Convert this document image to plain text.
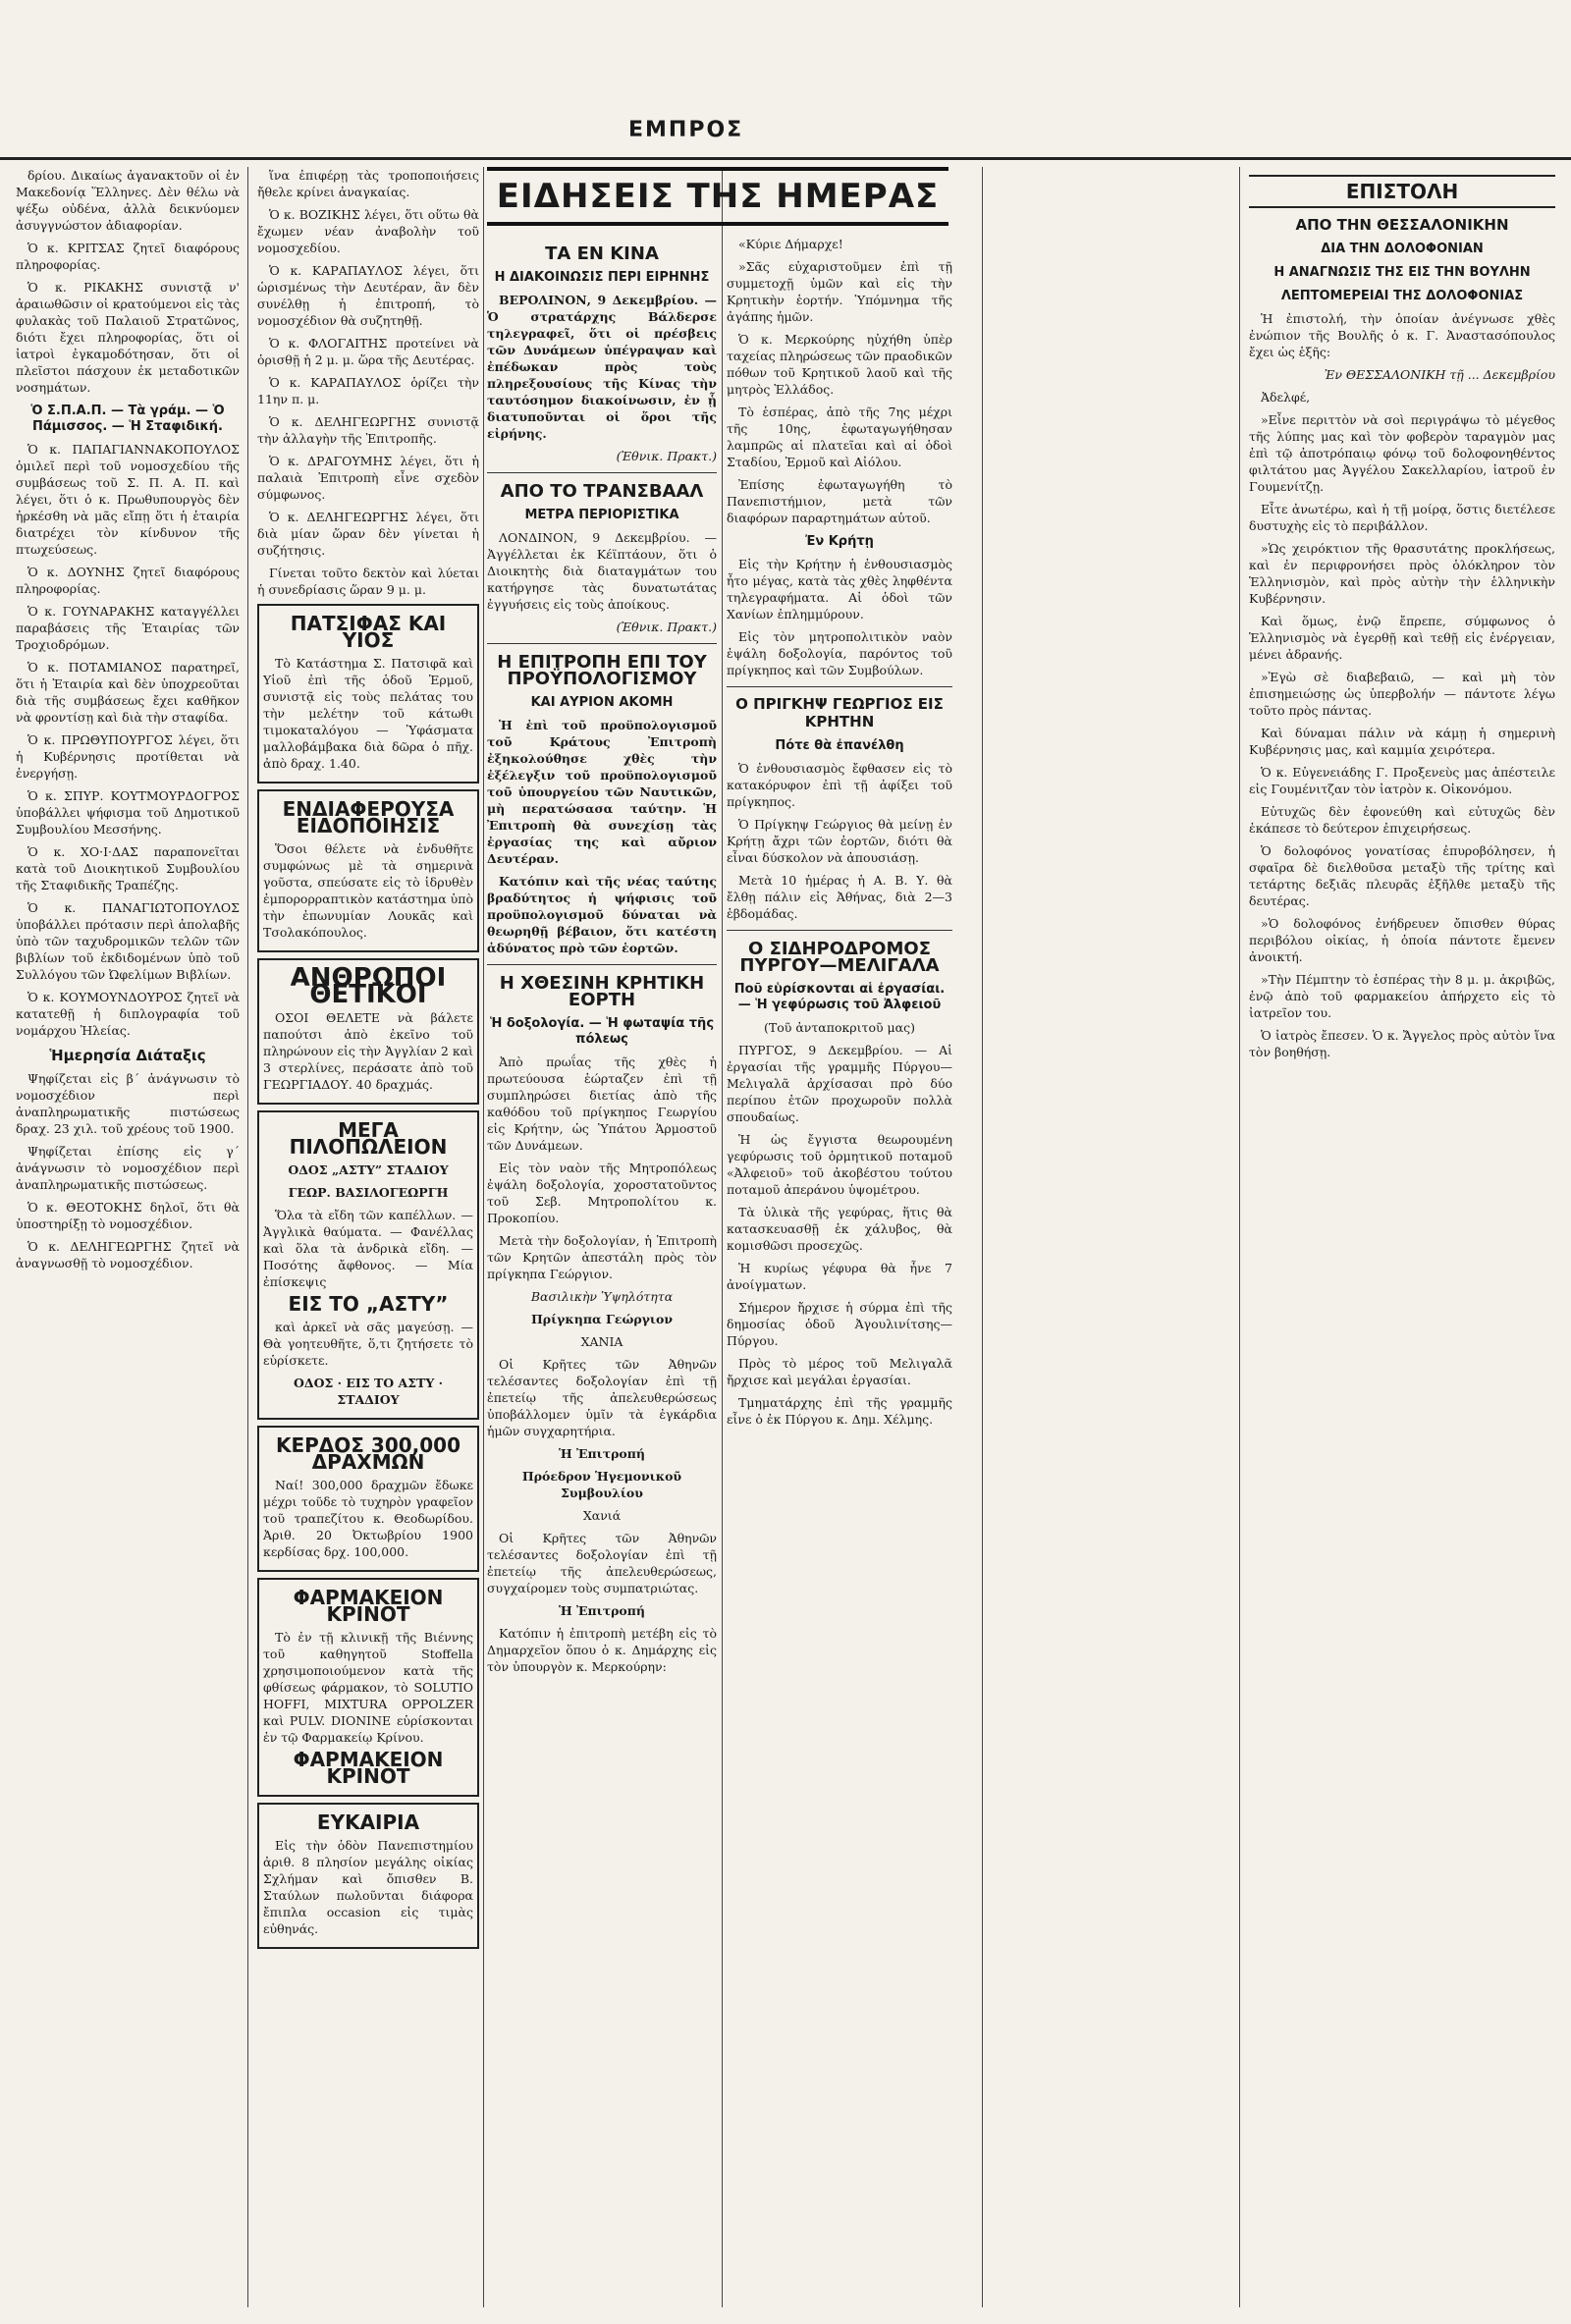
ΕΜΠΡΟΣ

δρίου. Δικαίως ἀγανακτοῦν οἱ ἐν Μακεδονίᾳ Ἕλληνες. Δὲν θέλω νὰ ψέξω οὐδένα, ἀλλὰ δεικνύομεν ἀσυγγνώστον ἀδιαφορίαν.

Ὁ κ. ΚΡΙΤΣΑΣ ζητεῖ διαφόρους πληροφορίας.

Ὁ κ. ΡΙΚΑΚΗΣ συνιστᾷ ν' ἀραιωθῶσιν οἱ κρατούμενοι εἰς τὰς φυλακὰς τοῦ Παλαιοῦ Στρατῶνος, διότι ἔχει πληροφορίας, ὅτι οἱ ἰατροὶ ἐγκαμοδότησαν, ὅτι οἱ πλεῖστοι πάσχουν ἐκ μεταδοτικῶν νοσημάτων.

Ὁ Σ.Π.Α.Π. — Τὰ γράμ. — Ὁ Πάμισσος. — Ἡ Σταφιδική.

Ὁ κ. ΠΑΠΑΓΙΑΝΝΑΚΟΠΟΥΛΟΣ ὁμιλεῖ περὶ τοῦ νομοσχεδίου τῆς συμβάσεως τοῦ Σ. Π. Α. Π. καὶ λέγει, ὅτι ὁ κ. Πρωθυπουργὸς δὲν ἠρκέσθη νὰ μᾶς εἴπῃ ὅτι ἡ ἑταιρία διατρέχει τὸν κίνδυνον τῆς πτωχεύσεως.

Ὁ κ. ΔΟΥΝΗΣ ζητεῖ διαφόρους πληροφορίας.

Ὁ κ. ΓΟΥΝΑΡΑΚΗΣ καταγγέλλει παραβάσεις τῆς Ἑταιρίας τῶν Τροχιοδρόμων.

Ὁ κ. ΠΟΤΑΜΙΑΝΟΣ παρατηρεῖ, ὅτι ἡ Ἑταιρία καὶ δὲν ὑποχρεοῦται διὰ τῆς συμβάσεως ἔχει καθῆκον νὰ φροντίσῃ καὶ διὰ τὴν σταφίδα.

Ὁ κ. ΠΡΩΘΥΠΟΥΡΓΟΣ λέγει, ὅτι ἡ Κυβέρνησις προτίθεται νὰ ἐνεργήσῃ.

Ὁ κ. ΣΠΥΡ. ΚΟΥΤΜΟΥΡΔΟΓΡΟΣ ὑποβάλλει ψήφισμα τοῦ Δημοτικοῦ Συμβουλίου Μεσσήνης.

Ὁ κ. ΧΟ·Ι·ΔΑΣ παραπονεῖται κατὰ τοῦ Διοικητικοῦ Συμβουλίου τῆς Σταφιδικῆς Τραπέζης.

Ὁ κ. ΠΑΝΑΓΙΩΤΟΠΟΥΛΟΣ ὑποβάλλει πρότασιν περὶ ἀπολαβῆς ὑπὸ τῶν ταχυδρομικῶν τελῶν τῶν βιβλίων τοῦ ἐκδιδομένων ὑπὸ τοῦ Συλλόγου τῶν Ὠφελίμων Βιβλίων.

Ὁ κ. ΚΟΥΜΟΥΝΔΟΥΡΟΣ ζητεῖ νὰ κατατεθῇ ἡ διπλογραφία τοῦ νομάρχου Ἠλείας.

Ἡμερησία Διάταξις

Ψηφίζεται εἰς β΄ ἀνάγνωσιν τὸ νομοσχέδιον περὶ ἀναπληρωματικῆς πιστώσεως δραχ. 23 χιλ. τοῦ χρέους τοῦ 1900.

Ψηφίζεται ἐπίσης εἰς γ΄ ἀνάγνωσιν τὸ νομοσχέδιον περὶ ἀναπληρωματικῆς πιστώσεως.

Ὁ κ. ΘΕΟΤΟΚΗΣ δηλοῖ, ὅτι θὰ ὑποστηρίξῃ τὸ νομοσχέδιον.

Ὁ κ. ΔΕΛΗΓΕΩΡΓΗΣ ζητεῖ νὰ ἀναγνωσθῇ τὸ νομοσχέδιον.

ἵνα ἐπιφέρῃ τὰς τροποποιήσεις ἤθελε κρίνει ἀναγκαίας.

Ὁ κ. ΒΟΖΙΚΗΣ λέγει, ὅτι οὕτω θὰ ἔχωμεν νέαν ἀναβολὴν τοῦ νομοσχεδίου.

Ὁ κ. ΚΑΡΑΠΑΥΛΟΣ λέγει, ὅτι ὡρισμένως τὴν Δευτέραν, ἂν δὲν συνέλθῃ ἡ ἐπιτροπή, τὸ νομοσχέδιον θὰ συζητηθῇ.

Ὁ κ. ΦΛΟΓΑΙΤΗΣ προτείνει νὰ ὁρισθῇ ἡ 2 μ. μ. ὥρα τῆς Δευτέρας.

Ὁ κ. ΚΑΡΑΠΑΥΛΟΣ ὁρίζει τὴν 11ην π. μ.

Ὁ κ. ΔΕΛΗΓΕΩΡΓΗΣ συνιστᾷ τὴν ἀλλαγὴν τῆς Ἐπιτροπῆς.

Ὁ κ. ΔΡΑΓΟΥΜΗΣ λέγει, ὅτι ἡ παλαιὰ Ἐπιτροπὴ εἶνε σχεδὸν σύμφωνος.

Ὁ κ. ΔΕΛΗΓΕΩΡΓΗΣ λέγει, ὅτι διὰ μίαν ὥραν δὲν γίνεται ἡ συζήτησις.

Γίνεται τοῦτο δεκτὸν καὶ λύεται ἡ συνεδρίασις ὥραν 9 μ. μ.

ΠΑΤΣΙΦΑΣ ΚΑΙ ΥΙΟΣ

Τὸ Κατάστημα Σ. Πατσιφᾶ καὶ Υἱοῦ ἐπὶ τῆς ὁδοῦ Ἑρμοῦ, συνιστᾷ εἰς τοὺς πελάτας του τὴν μελέτην τοῦ κάτωθι τιμοκαταλόγου — Ὑφάσματα μαλλοβάμβακα διὰ δῶρα ὁ πῆχ. ἀπὸ δραχ. 1.40.

ΕΝΔΙΑΦΕΡΟΥΣΑ ΕΙΔΟΠΟΙΗΣΙΣ

Ὅσοι θέλετε νὰ ἐνδυθῆτε συμφώνως μὲ τὰ σημερινὰ γοῦστα, σπεύσατε εἰς τὸ ἱδρυθὲν ἐμπορορραπτικὸν κατάστημα ὑπὸ τὴν ἐπωνυμίαν Λουκᾶς καὶ Τσολακόπουλος.

ΑΝΘΡΩΠΟΙ ΘΕΤΙΚΟΙ

ΟΣΟΙ ΘΕΛΕΤΕ νὰ βάλετε παπούτσι ἀπὸ ἐκεῖνο τοῦ πληρώνουν εἰς τὴν Ἀγγλίαν 2 καὶ 3 στερλίνες, περάσατε ἀπὸ τοῦ ΓΕΩΡΓΙΑΔΟΥ. 40 δραχμάς.

ΜΕΓΑ ΠΙΛΟΠΩΛΕΙΟΝ

ΟΔΟΣ „ΑΣΤΥ” ΣΤΑΔΙΟΥ

ΓΕΩΡ. ΒΑΣΙΛΟΓΕΩΡΓΗ

Ὅλα τὰ εἴδη τῶν καπέλλων. — Ἀγγλικὰ θαύματα. — Φανέλλας καὶ ὅλα τὰ ἀνδρικὰ εἴδη. — Ποσότης ἄφθονος. — Μία ἐπίσκεψις

ΕΙΣ ΤΟ „ΑΣΤΥ”

καὶ ἀρκεῖ νὰ σᾶς μαγεύσῃ. — Θὰ γοητευθῆτε, ὅ,τι ζητήσετε τὸ εὑρίσκετε.

ΟΔΟΣ · ΕΙΣ ΤΟ ΑΣΤΥ · ΣΤΑΔΙΟΥ

ΚΕΡΔΟΣ 300,000 ΔΡΑΧΜΩΝ

Ναί! 300,000 δραχμῶν ἔδωκε μέχρι τοῦδε τὸ τυχηρὸν γραφεῖον τοῦ τραπεζίτου κ. Θεοδωρίδου. Ἀριθ. 20 Ὀκτωβρίου 1900 κερδίσας δρχ. 100,000.

ΦΑΡΜΑΚΕΙΟΝ ΚΡΙΝΟΤ

Τὸ ἐν τῇ κλινικῇ τῆς Βιέννης τοῦ καθηγητοῦ Stoffella χρησιμοποιούμενον κατὰ τῆς φθίσεως φάρμακον, τὸ SOLUTIO HOFFI, MIXTURA OPPOLZER καὶ PULV. DIONINE εὑρίσκονται ἐν τῷ Φαρμακείῳ Κρίνου.

ΦΑΡΜΑΚΕΙΟΝ ΚΡΙΝΟΤ

ΕΥΚΑΙΡΙΑ

Εἰς τὴν ὁδὸν Πανεπιστημίου ἀριθ. 8 πλησίον μεγάλης οἰκίας Σχλήμαν καὶ ὄπισθεν Β. Σταύλων πωλοῦνται διάφορα ἔπιπλα occasion εἰς τιμὰς εὐθηνάς.

ΕΙΔΗΣΕΙΣ ΤΗΣ ΗΜΕΡΑΣ

ΤΑ ΕΝ ΚΙΝΑ

Η ΔΙΑΚΟΙΝΩΣΙΣ ΠΕΡΙ ΕΙΡΗΝΗΣ

ΒΕΡΟΛΙΝΟΝ, 9 Δεκεμβρίου. — Ὁ στρατάρχης Βάλδερσε τηλεγραφεῖ, ὅτι οἱ πρέσβεις τῶν Δυνάμεων ὑπέγραψαν καὶ ἐπέδωκαν πρὸς τοὺς πληρεξουσίους τῆς Κίνας τὴν ταυτόσημον διακοίνωσιν, ἐν ᾗ διατυποῦνται οἱ ὅροι τῆς εἰρήνης.

(Ἐθνικ. Πρακτ.)

ΑΠΟ ΤΟ ΤΡΑΝΣΒΑΑΛ

ΜΕΤΡΑ ΠΕΡΙΟΡΙΣΤΙΚΑ

ΛΟΝΔΙΝΟΝ, 9 Δεκεμβρίου. — Ἀγγέλλεται ἐκ Κέϊπτάουν, ὅτι ὁ Διοικητὴς διὰ διαταγμάτων του κατήργησε τὰς δυνατωτάτας ἐγγυήσεις εἰς τοὺς ἀποίκους.

(Ἐθνικ. Πρακτ.)

Η ΕΠΙΤΡΟΠΗ ΕΠΙ ΤΟΥ ΠΡΟΫΠΟΛΟΓΙΣΜΟΥ

ΚΑΙ ΑΥΡΙΟΝ ΑΚΟΜΗ

Ἡ ἐπὶ τοῦ προϋπολογισμοῦ τοῦ Κράτους Ἐπιτροπὴ ἐξηκολούθησε χθὲς τὴν ἐξέλεγξιν τοῦ προϋπολογισμοῦ τοῦ ὑπουργείου τῶν Ναυτικῶν, μὴ περατώσασα ταύτην. Ἡ Ἐπιτροπὴ θὰ συνεχίσῃ τὰς ἐργασίας της καὶ αὔριον Δευτέραν.

Κατόπιν καὶ τῆς νέας ταύτης βραδύτητος ἡ ψήφισις τοῦ προϋπολογισμοῦ δύναται νὰ θεωρηθῇ βέβαιον, ὅτι κατέστη ἀδύνατος πρὸ τῶν ἑορτῶν.

Η ΧΘΕΣΙΝΗ ΚΡΗΤΙΚΗ ΕΟΡΤΗ

Ἡ δοξολογία. — Ἡ φωταψία τῆς πόλεως

Ἀπὸ πρωΐας τῆς χθὲς ἡ πρωτεύουσα ἑώρταζεν ἐπὶ τῇ συμπληρώσει διετίας ἀπὸ τῆς καθόδου τοῦ πρίγκηπος Γεωργίου εἰς Κρήτην, ὡς Ὑπάτου Ἁρμοστοῦ τῶν Δυνάμεων.

Εἰς τὸν ναὸν τῆς Μητροπόλεως ἐψάλη δοξολογία, χοροστατοῦντος τοῦ Σεβ. Μητροπολίτου κ. Προκοπίου.

Μετὰ τὴν δοξολογίαν, ἡ Ἐπιτροπὴ τῶν Κρητῶν ἀπεστάλη πρὸς τὸν πρίγκηπα Γεώργιον.

Βασιλικὴν Ὑψηλότητα

Πρίγκηπα Γεώργιον

ΧΑΝΙΑ

Οἱ Κρῆτες τῶν Ἀθηνῶν τελέσαντες δοξολογίαν ἐπὶ τῇ ἐπετείῳ τῆς ἀπελευθερώσεως ὑποβάλλομεν ὑμῖν τὰ ἐγκάρδια ἡμῶν συγχαρητήρια.

Ἡ Ἐπιτροπή

Πρόεδρον Ἡγεμονικοῦ Συμβουλίου

Χανιά

Οἱ Κρῆτες τῶν Ἀθηνῶν τελέσαντες δοξολογίαν ἐπὶ τῇ ἐπετείῳ τῆς ἀπελευθερώσεως, συγχαίρομεν τοὺς συμπατριώτας.

Ἡ Ἐπιτροπή

Κατόπιν ἡ ἐπιτροπὴ μετέβη εἰς τὸ Δημαρχεῖον ὅπου ὁ κ. Δημάρχης εἰς τὸν ὑπουργὸν κ. Μερκούρην:

«Κύριε Δήμαρχε!

»Σᾶς εὐχαριστοῦμεν ἐπὶ τῇ συμμετοχῇ ὑμῶν καὶ εἰς τὴν Κρητικὴν ἑορτήν. Ὑπόμνημα τῆς ἀγάπης ἡμῶν.

Ὁ κ. Μερκούρης ηὐχήθη ὑπὲρ ταχείας πληρώσεως τῶν πραοδικῶν πόθων τοῦ Κρητικοῦ λαοῦ καὶ τῆς μητρὸς Ἑλλάδος.

Τὸ ἑσπέρας, ἀπὸ τῆς 7ης μέχρι τῆς 10ης, ἐφωταγωγήθησαν λαμπρῶς αἱ πλατεῖαι καὶ αἱ ὁδοὶ Σταδίου, Ἑρμοῦ καὶ Αἰόλου.

Ἐπίσης ἐφωταγωγήθη τὸ Πανεπιστήμιον, μετὰ τῶν διαφόρων παραρτημάτων αὐτοῦ.

Ἐν Κρήτῃ

Εἰς τὴν Κρήτην ἡ ἐνθουσιασμὸς ἦτο μέγας, κατὰ τὰς χθὲς ληφθέντα τηλεγραφήματα. Αἱ ὁδοὶ τῶν Χανίων ἐπλημμύρουν.

Εἰς τὸν μητροπολιτικὸν ναὸν ἐψάλη δοξολογία, παρόντος τοῦ πρίγκηπος καὶ τῶν Συμβούλων.

Ο ΠΡΙΓΚΗΨ ΓΕΩΡΓΙΟΣ ΕΙΣ ΚΡΗΤΗΝ

Πότε θὰ ἐπανέλθη

Ὁ ἐνθουσιασμὸς ἔφθασεν εἰς τὸ κατακόρυφον ἐπὶ τῇ ἀφίξει τοῦ πρίγκηπος.

Ὁ Πρίγκηψ Γεώργιος θὰ μείνῃ ἐν Κρήτῃ ἄχρι τῶν ἐορτῶν, διότι θὰ εἶναι δύσκολον νὰ ἀπουσιάσῃ.

Μετὰ 10 ἡμέρας ἡ Α. Β. Υ. θὰ ἔλθῃ πάλιν εἰς Ἀθήνας, διὰ 2—3 ἑβδομάδας.

Ο ΣΙΔΗΡΟΔΡΟΜΟΣ ΠΥΡΓΟΥ—ΜΕΛΙΓΑΛΑ

Ποῦ εὑρίσκονται αἱ ἐργασίαι. — Ἡ γεφύρωσις τοῦ Ἀλφειοῦ

(Τοῦ ἀνταποκριτοῦ μας)

ΠΥΡΓΟΣ, 9 Δεκεμβρίου. — Αἱ ἐργασίαι τῆς γραμμῆς Πύργου—Μελιγαλᾶ ἀρχίσασαι πρὸ δύο περίπου ἐτῶν προχωροῦν πολλὰ σπουδαίως.

Ἡ ὡς ἔγγιστα θεωρουμένη γεφύρωσις τοῦ ὁρμητικοῦ ποταμοῦ «Ἀλφειοῦ» τοῦ ἀκοβέστου τούτου ποταμοῦ ἀπεράνου ὑψομέτρου.

Τὰ ὑλικὰ τῆς γεφύρας, ἥτις θὰ κατασκευασθῇ ἐκ χάλυβος, θὰ κομισθῶσι προσεχῶς.

Ἡ κυρίως γέφυρα θὰ ἦνε 7 ἀνοίγματων.

Σήμερον ἤρχισε ἡ σύρμα ἐπὶ τῆς δημοσίας ὁδοῦ Ἀγουλινίτσης—Πύργου.

Πρὸς τὸ μέρος τοῦ Μελιγαλᾶ ἤρχισε καὶ μεγάλαι ἐργασίαι.

Τμηματάρχης ἐπὶ τῆς γραμμῆς εἶνε ὁ ἐκ Πύργου κ. Δημ. Χέλμης.

ΕΠΙΣΤΟΛΗ

ΑΠΟ ΤΗΝ ΘΕΣΣΑΛΟΝΙΚΗΝ

ΔΙΑ ΤΗΝ ΔΟΛΟΦΟΝΙΑΝ

Η ΑΝΑΓΝΩΣΙΣ ΤΗΣ ΕΙΣ ΤΗΝ ΒΟΥΛΗΝ

ΛΕΠΤΟΜΕΡΕΙΑΙ ΤΗΣ ΔΟΛΟΦΟΝΙΑΣ

Ἡ ἐπιστολή, τὴν ὁποίαν ἀνέγνωσε χθὲς ἐνώπιον τῆς Βουλῆς ὁ κ. Γ. Ἀναστασόπουλος ἔχει ὡς ἑξῆς:

Ἐν ΘΕΣΣΑΛΟΝΙΚΗ τῇ ... Δεκεμβρίου

Ἀδελφέ,

»Εἶνε περιττὸν νὰ σοὶ περιγράψω τὸ μέγεθος τῆς λύπης μας καὶ τὸν φοβερὸν ταραγμὸν μας ἐπὶ τῷ ἀποτρόπαιῳ φόνῳ τοῦ δολοφονηθέντος φιλτάτου μας Ἀγγέλου Σακελλαρίου, ἰατροῦ ἐν Γουμενίτζῃ.

Εἶτε ἀνωτέρω, καὶ ἡ τῇ μοίρᾳ, ὅστις διετέλεσε δυστυχὴς εἰς τὸ περιβάλλον.

»Ὡς χειρόκτιον τῆς θρασυτάτης προκλήσεως, καὶ ἐν περιφρονήσει πρὸς ὁλόκληρον τὸν Ἑλληνισμὸν, καὶ πρὸς αὐτὴν τὴν ἑλληνικὴν Κυβέρνησιν.

Καὶ ὅμως, ἐνῷ ἔπρεπε, σύμφωνος ὁ Ἑλληνισμὸς νὰ ἐγερθῇ καὶ τεθῇ εἰς ἐνέργειαν, μένει ἀδρανής.

»Ἐγὼ σὲ διαβεβαιῶ, — καὶ μὴ τὸν ἐπισημειώσῃς ὡς ὑπερβολήν — πάντοτε λέγω τοῦτο πρὸς πάντας.

Καὶ δύναμαι πάλιν νὰ κάμῃ ἡ σημερινὴ Κυβέρνησις μας, καὶ καμμία χειρότερα.

Ὁ κ. Εὐγενειάδης Γ. Προξενεὺς μας ἀπέστειλε εἰς Γουμένιτζαν τὸν ἰατρὸν κ. Οἰκονόμου.

Εὐτυχῶς δὲν ἐφονεύθη καὶ εὐτυχῶς δὲν ἐκάπεσε τὸ δεύτερον ἐπιχειρήσεως.

Ὁ δολοφόνος γονατίσας ἐπυροβόλησεν, ἡ σφαῖρα δὲ διελθοῦσα μεταξὺ τῆς τρίτης καὶ τετάρτης δεξιᾶς πλευρᾶς ἐξῆλθε μεταξὺ τῆς δευτέρας.

»Ὁ δολοφόνος ἐνήδρευεν ὄπισθεν θύρας περιβόλου οἰκίας, ἡ ὁποία πάντοτε ἔμενεν ἀνοικτή.

»Τὴν Πέμπτην τὸ ἑσπέρας τὴν 8 μ. μ. ἀκριβῶς, ἐνῷ ἀπὸ τοῦ φαρμακείου ἀπήρχετο εἰς τὸ ἰατρεῖον του.

Ὁ ἰατρὸς ἔπεσεν. Ὁ κ. Ἄγγελος πρὸς αὐτὸν ἵνα τὸν βοηθήσῃ.
